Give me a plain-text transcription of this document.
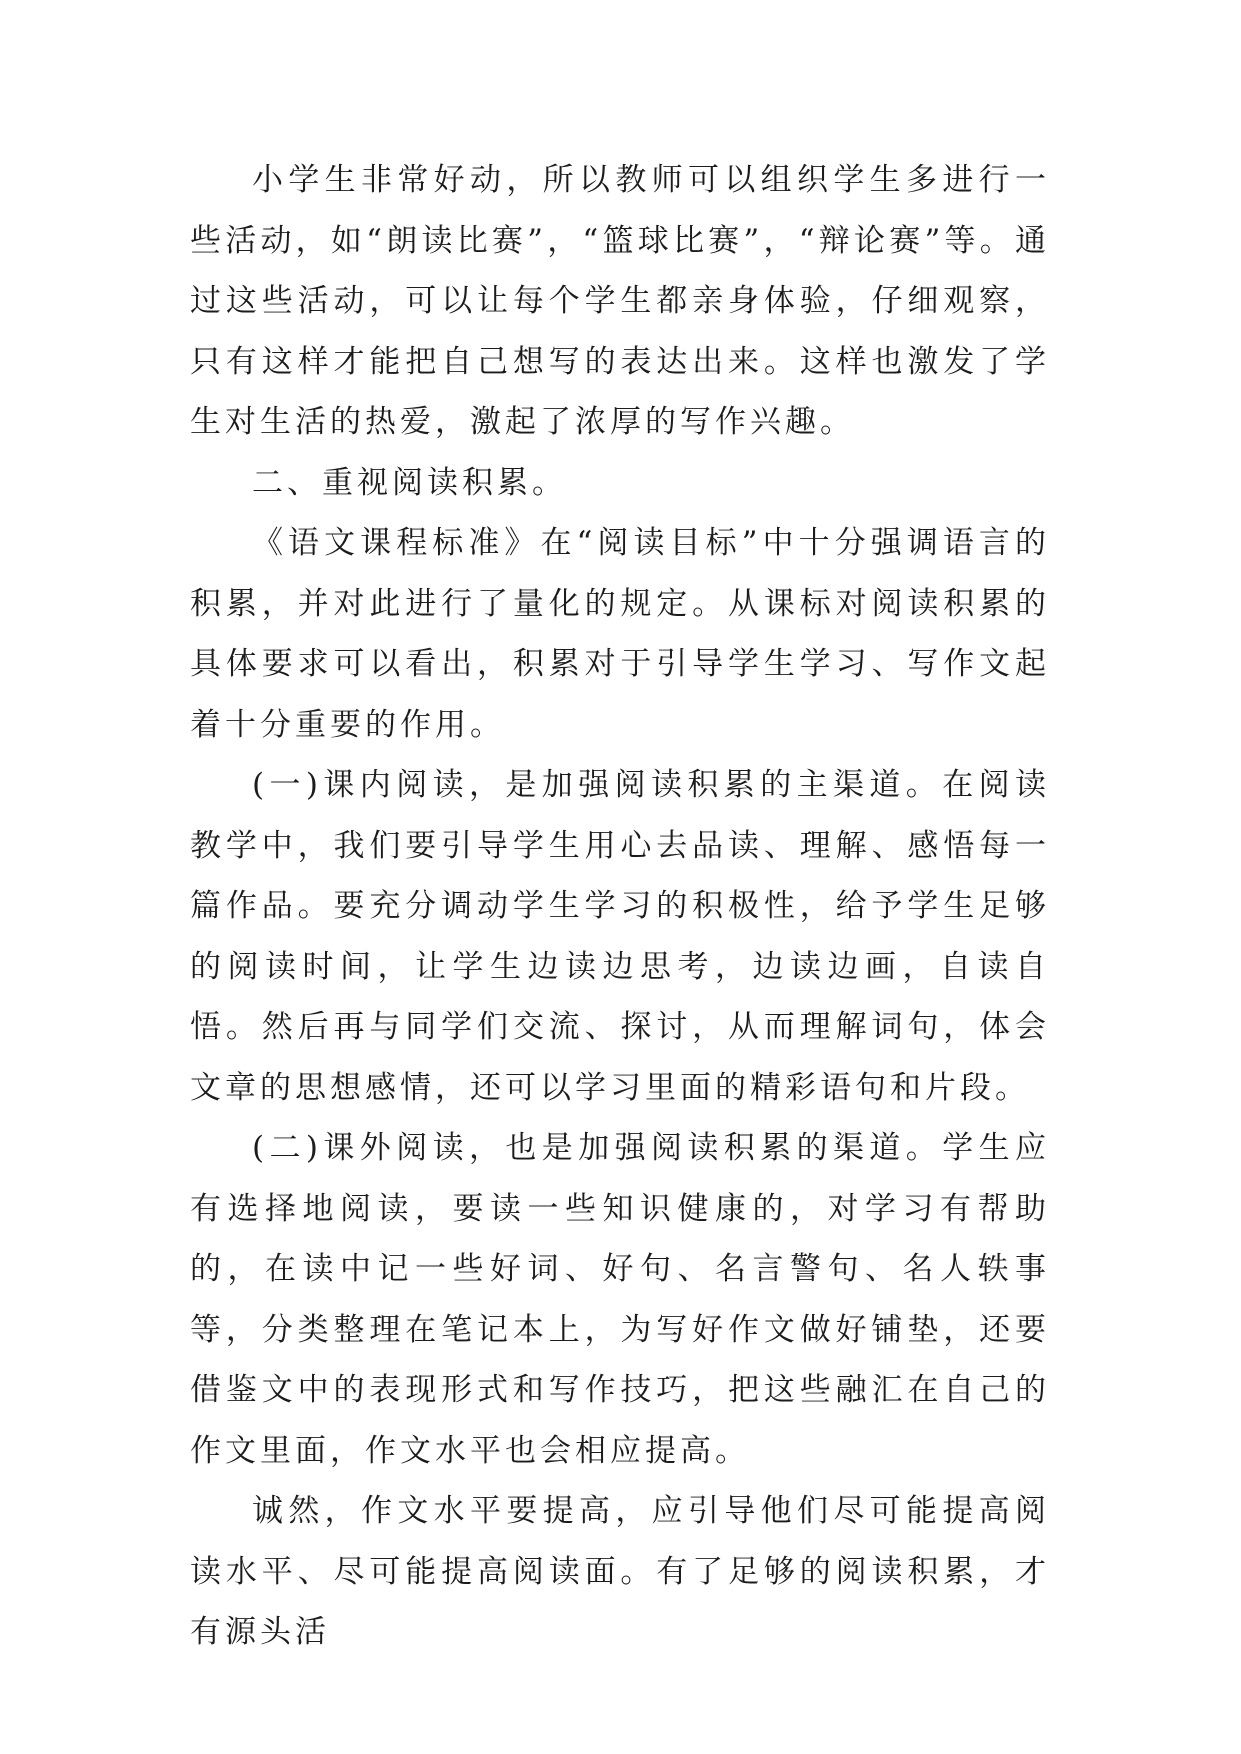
小学生非常好动，所以教师可以组织学生多进行一些活动，如“朗读比赛”，“篮球比赛”，“辩论赛”等。通过这些活动，可以让每个学生都亲身体验，仔细观察，只有这样才能把自己想写的表达出来。这样也激发了学生对生活的热爱，激起了浓厚的写作兴趣。

二、重视阅读积累。

《语文课程标准》在“阅读目标”中十分强调语言的积累，并对此进行了量化的规定。从课标对阅读积累的具体要求可以看出，积累对于引导学生学习、写作文起着十分重要的作用。

(一)课内阅读，是加强阅读积累的主渠道。在阅读教学中，我们要引导学生用心去品读、理解、感悟每一篇作品。要充分调动学生学习的积极性，给予学生足够的阅读时间，让学生边读边思考，边读边画，自读自悟。然后再与同学们交流、探讨，从而理解词句，体会文章的思想感情，还可以学习里面的精彩语句和片段。

(二)课外阅读，也是加强阅读积累的渠道。学生应有选择地阅读，要读一些知识健康的，对学习有帮助的，在读中记一些好词、好句、名言警句、名人轶事等，分类整理在笔记本上，为写好作文做好铺垫，还要借鉴文中的表现形式和写作技巧，把这些融汇在自己的作文里面，作文水平也会相应提高。

诚然，作文水平要提高，应引导他们尽可能提高阅读水平、尽可能提高阅读面。有了足够的阅读积累，才有源头活
